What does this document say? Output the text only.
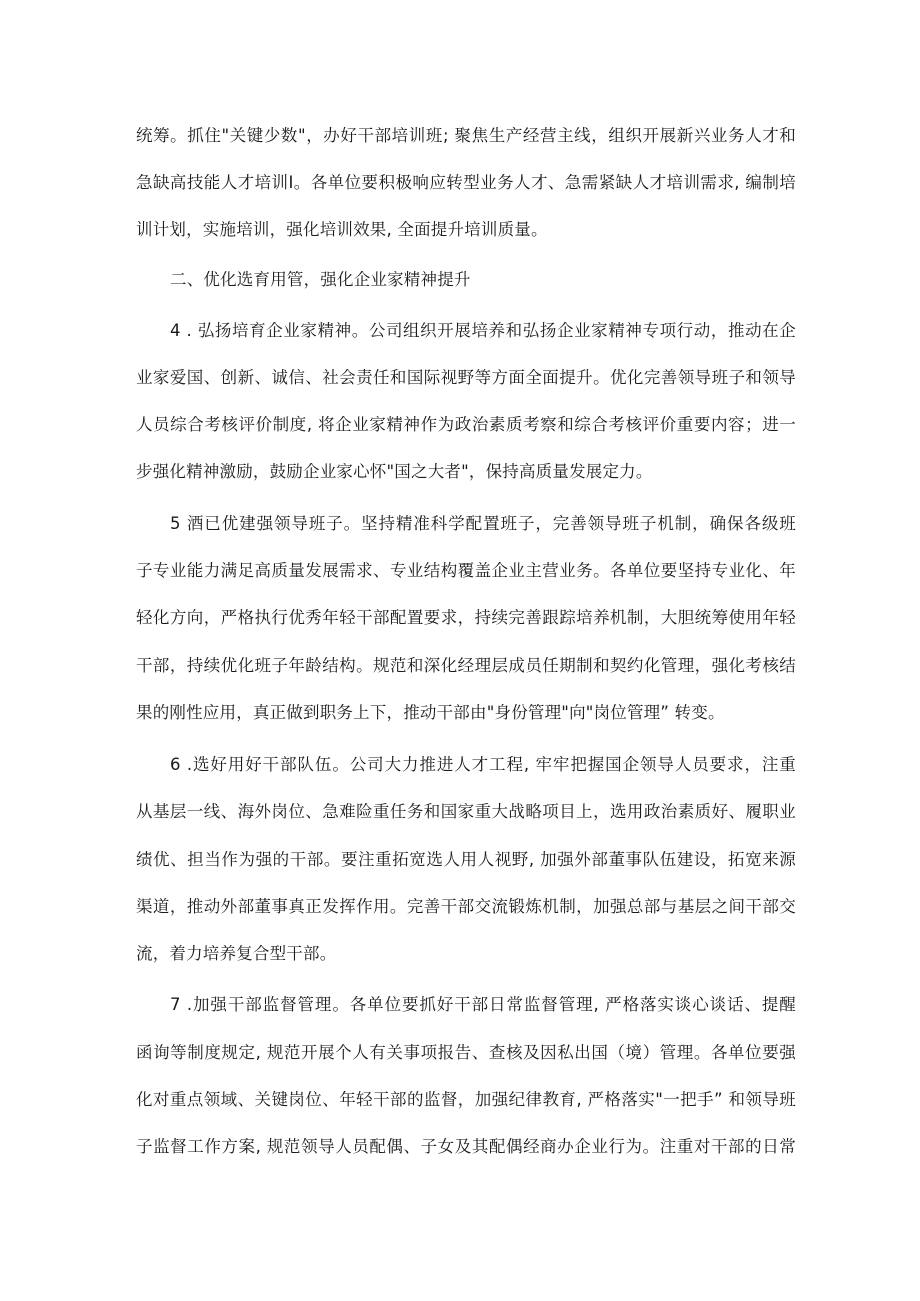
统筹。抓住"关键少数"，办好干部培训班; 聚焦生产经营主线，组织开展新兴业务人才和

急缺高技能人才培训Ⅰ。各单位要积极响应转型业务人才、急需紧缺人才培训需求, 编制培

训计划，实施培训，强化培训效果, 全面提升培训质量。

二、优化选育用管，强化企业家精神提升

4 . 弘扬培育企业家精神。公司组织开展培养和弘扬企业家精神专项行动，推动在企

业家爱国、创新、诚信、社会责任和国际视野等方面全面提升。优化完善领导班子和领导

人员综合考核评价制度, 将企业家精神作为政治素质考察和综合考核评价重要内容；进一

步强化精神激励，鼓励企业家心怀"国之大者"，保持高质量发展定力。

5 酒已优建强领导班子。坚持精准科学配置班子，完善领导班子机制，确保各级班

子专业能力满足高质量发展需求、专业结构覆盖企业主营业务。各单位要坚持专业化、年

轻化方向，严格执行优秀年轻干部配置要求，持续完善跟踪培养机制，大胆统筹使用年轻

干部，持续优化班子年龄结构。规范和深化经理层成员任期制和契约化管理，强化考核结

果的刚性应用，真正做到职务上下，推动干部由"身份管理"向"岗位管理” 转变。

6 .选好用好干部队伍。公司大力推进人才工程, 牢牢把握国企领导人员要求，注重

从基层一线、海外岗位、急难险重任务和国家重大战略项目上，选用政治素质好、履职业

绩优、担当作为强的干部。要注重拓宽选人用人视野, 加强外部董事队伍建设，拓宽来源

渠道，推动外部董事真正发挥作用。完善干部交流锻炼机制，加强总部与基层之间干部交

流，着力培养复合型干部。

7 .加强干部监督管理。各单位要抓好干部日常监督管理, 严格落实谈心谈话、提醒

函询等制度规定, 规范开展个人有关事项报告、查核及因私出国（境）管理。各单位要强

化对重点领域、关键岗位、年轻干部的监督，加强纪律教育, 严格落实"一把手” 和领导班

子监督工作方案, 规范领导人员配偶、子女及其配偶经商办企业行为。注重对干部的日常
